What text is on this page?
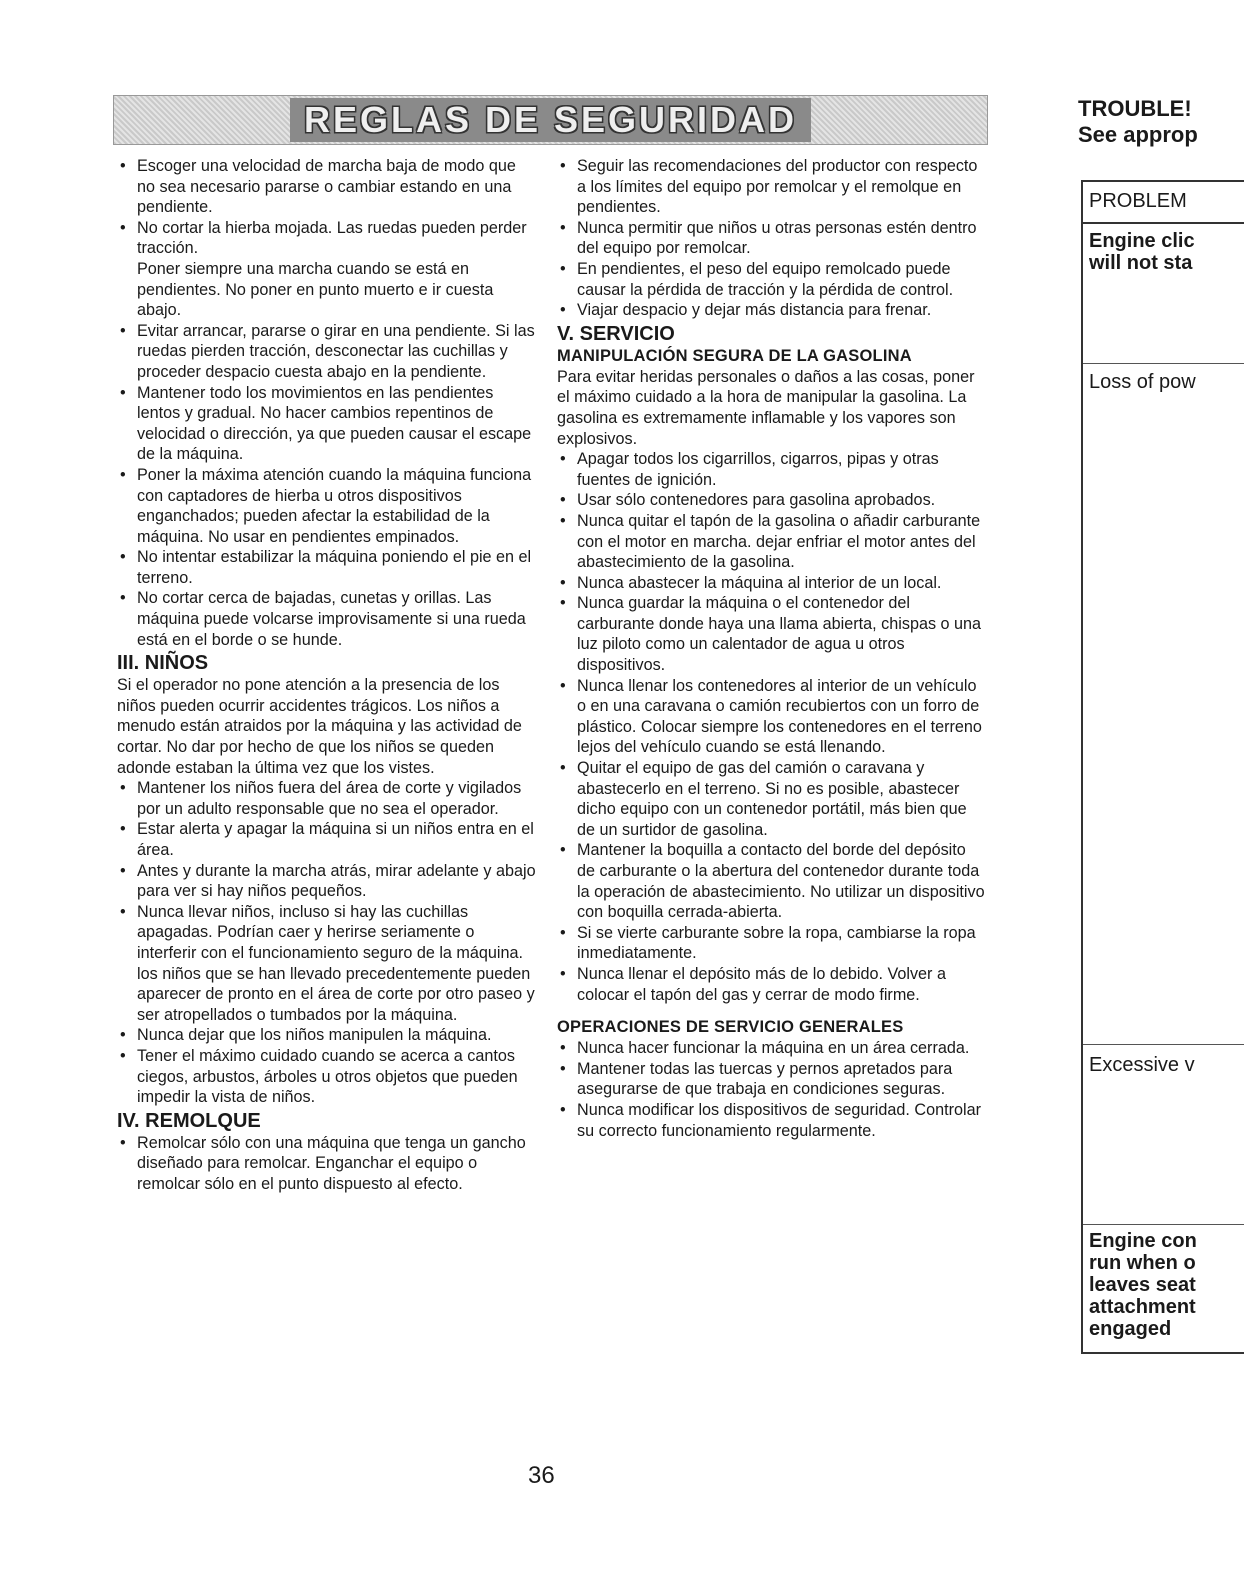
REGLAS DE SEGURIDAD
• Escoger una velocidad de marcha baja de modo que no sea necesario pararse o cambiar estando en una pendiente.
• No cortar la hierba mojada. Las ruedas pueden perder tracción.

Poner siempre una marcha cuando se está en pendientes. No poner en punto muerto e ir cuesta abajo.

• Evitar arrancar, pararse o girar en una pendiente. Si las ruedas pierden tracción, desconectar las cuchillas y proceder despacio cuesta abajo en la pendiente.
• Mantener todo los movimientos en las pendientes lentos y gradual. No hacer cambios repentinos de velocidad o dirección, ya que pueden causar el escape de la máquina.
• Poner la máxima atención cuando la máquina funciona con captadores de hierba u otros dispositivos enganchados; pueden afectar la estabilidad de la máquina. No usar en pendientes empinados.
• No intentar estabilizar la máquina poniendo el pie en el terreno.
• No cortar cerca de bajadas, cunetas y orillas. Las máquina puede volcarse improvisamente si una rueda está en el borde o se hunde.
III. NIÑOS

Si el operador no pone atención a la presencia de los niños pueden ocurrir accidentes trágicos. Los niños a menudo están atraidos por la máquina y las actividad de cortar. No dar por hecho de que los niños se queden adonde estaban la última vez que los vistes.

• Mantener los niños fuera del área de corte y vigilados por un adulto responsable que no sea el operador.
• Estar alerta y apagar la máquina si un niños entra en el área.
• Antes y durante la marcha atrás, mirar adelante y abajo para ver si hay niños pequeños.
• Nunca llevar niños, incluso si hay las cuchillas apagadas. Podrían caer y herirse seriamente o interferir con el funcionamiento seguro de la máquina. los niños que se han llevado precedentemente pueden aparecer de pronto en el área de corte por otro paseo y ser atropellados o tumbados por la máquina.
• Nunca dejar que los niños manipulen la máquina.
• Tener el máximo cuidado cuando se acerca a cantos ciegos, arbustos, árboles u otros objetos que pueden impedir la vista de niños.
IV. REMOLQUE
• Remolcar sólo con una máquina que tenga un gancho diseñado para remolcar. Enganchar el equipo o remolcar sólo en el punto dispuesto al efecto.
• Seguir las recomendaciones del productor con respecto a los límites del equipo por remolcar y el remolque en pendientes.
• Nunca permitir que niños u otras personas estén dentro del equipo por remolcar.
• En pendientes, el peso del equipo remolcado puede causar la pérdida de tracción y la pérdida de control.
• Viajar despacio y dejar más distancia para frenar.
V. SERVICIO
MANIPULACIÓN SEGURA DE LA GASOLINA

Para evitar heridas personales o daños a las cosas, poner el máximo cuidado a la hora de manipular la gasolina. La gasolina es extremamente inflamable y los vapores son explosivos.

• Apagar todos los cigarrillos, cigarros, pipas y otras fuentes de ignición.
• Usar sólo contenedores para gasolina aprobados.
• Nunca quitar el tapón de la gasolina o añadir carburante con el motor en marcha. dejar enfriar el motor antes del abastecimiento de la gasolina.
• Nunca abastecer la máquina al interior de un local.
• Nunca guardar la máquina o el contenedor del carburante donde haya una llama abierta, chispas o una luz piloto como un calentador de agua u otros dispositivos.
• Nunca llenar los contenedores al interior de un vehículo o en una caravana o camión recubiertos con un forro de plástico. Colocar siempre los contenedores en el terreno lejos del vehículo cuando se está llenando.
• Quitar el equipo de gas del camión o caravana y abastecerlo en el terreno. Si no es posible, abastecer dicho equipo con un contenedor portátil, más bien que de un surtidor de gasolina.
• Mantener la boquilla a contacto del borde del depósito de carburante o la abertura del contenedor durante toda la operación de abastecimiento. No utilizar un dispositivo con boquilla cerrada-abierta.
• Si se vierte carburante sobre la ropa, cambiarse la ropa inmediatamente.
• Nunca llenar el depósito más de lo debido. Volver a colocar el tapón del gas y cerrar de modo firme.
OPERACIONES DE SERVICIO GENERALES
• Nunca hacer funcionar la máquina en un área cerrada.
• Mantener todas las tuercas y pernos apretados para asegurarse de que trabaja en condiciones seguras.
• Nunca modificar los dispositivos de seguridad. Controlar su correcto funcionamiento regularmente.
36
TROUBLE!
See approp
PROBLEM
Engine clic
will not sta
Loss of pow
Excessive v
Engine con
run when o
leaves seat
attachment
engaged
